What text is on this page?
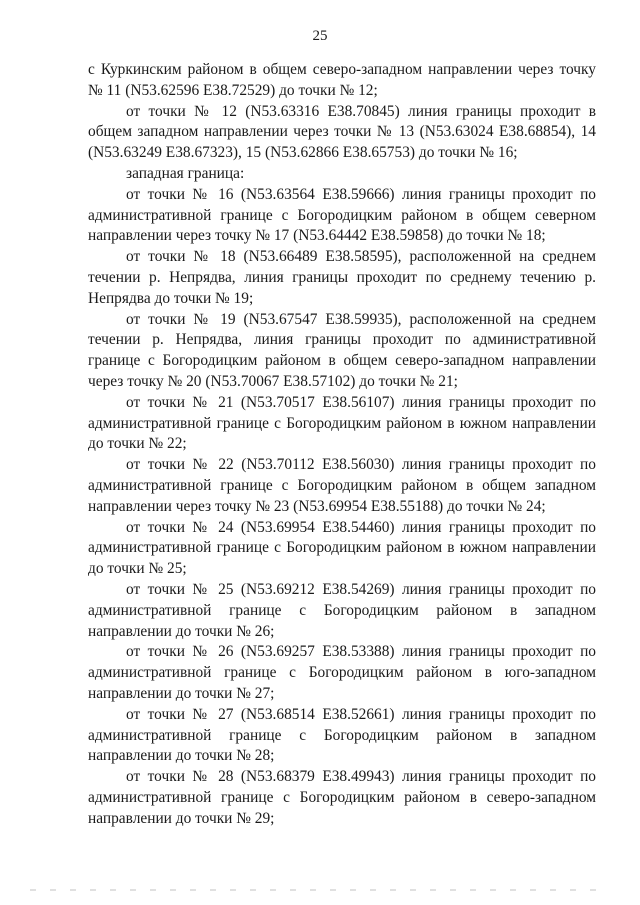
25

с Куркинским районом в общем северо-западном направлении через точку № 11 (N53.62596 E38.72529) до точки № 12;

от точки № 12 (N53.63316 E38.70845) линия границы проходит в общем западном направлении через точки № 13 (N53.63024 E38.68854), 14 (N53.63249 E38.67323), 15 (N53.62866 E38.65753) до точки № 16;

западная граница:

от точки № 16 (N53.63564 E38.59666) линия границы проходит по административной границе с Богородицким районом в общем северном направлении через точку № 17 (N53.64442 E38.59858) до точки № 18;

от точки № 18 (N53.66489 E38.58595), расположенной на среднем течении р. Непрядва, линия границы проходит по среднему течению р. Непрядва до точки № 19;

от точки № 19 (N53.67547 E38.59935), расположенной на среднем течении р. Непрядва, линия границы проходит по административной границе с Богородицким районом в общем северо-западном направлении через точку № 20 (N53.70067 E38.57102) до точки № 21;

от точки № 21 (N53.70517 E38.56107) линия границы проходит по административной границе с Богородицким районом в южном направлении до точки № 22;

от точки № 22 (N53.70112 E38.56030) линия границы проходит по административной границе с Богородицким районом в общем западном направлении через точку № 23 (N53.69954 E38.55188) до точки № 24;

от точки № 24 (N53.69954 E38.54460) линия границы проходит по административной границе с Богородицким районом в южном направлении до точки № 25;

от точки № 25 (N53.69212 E38.54269) линия границы проходит по административной границе с Богородицким районом в западном направлении до точки № 26;

от точки № 26 (N53.69257 E38.53388) линия границы проходит по административной границе с Богородицким районом в юго-западном направлении до точки № 27;

от точки № 27 (N53.68514 E38.52661) линия границы проходит по административной границе с Богородицким районом в западном направлении до точки № 28;

от точки № 28 (N53.68379 E38.49943) линия границы проходит по административной границе с Богородицким районом в северо-западном направлении до точки № 29;
